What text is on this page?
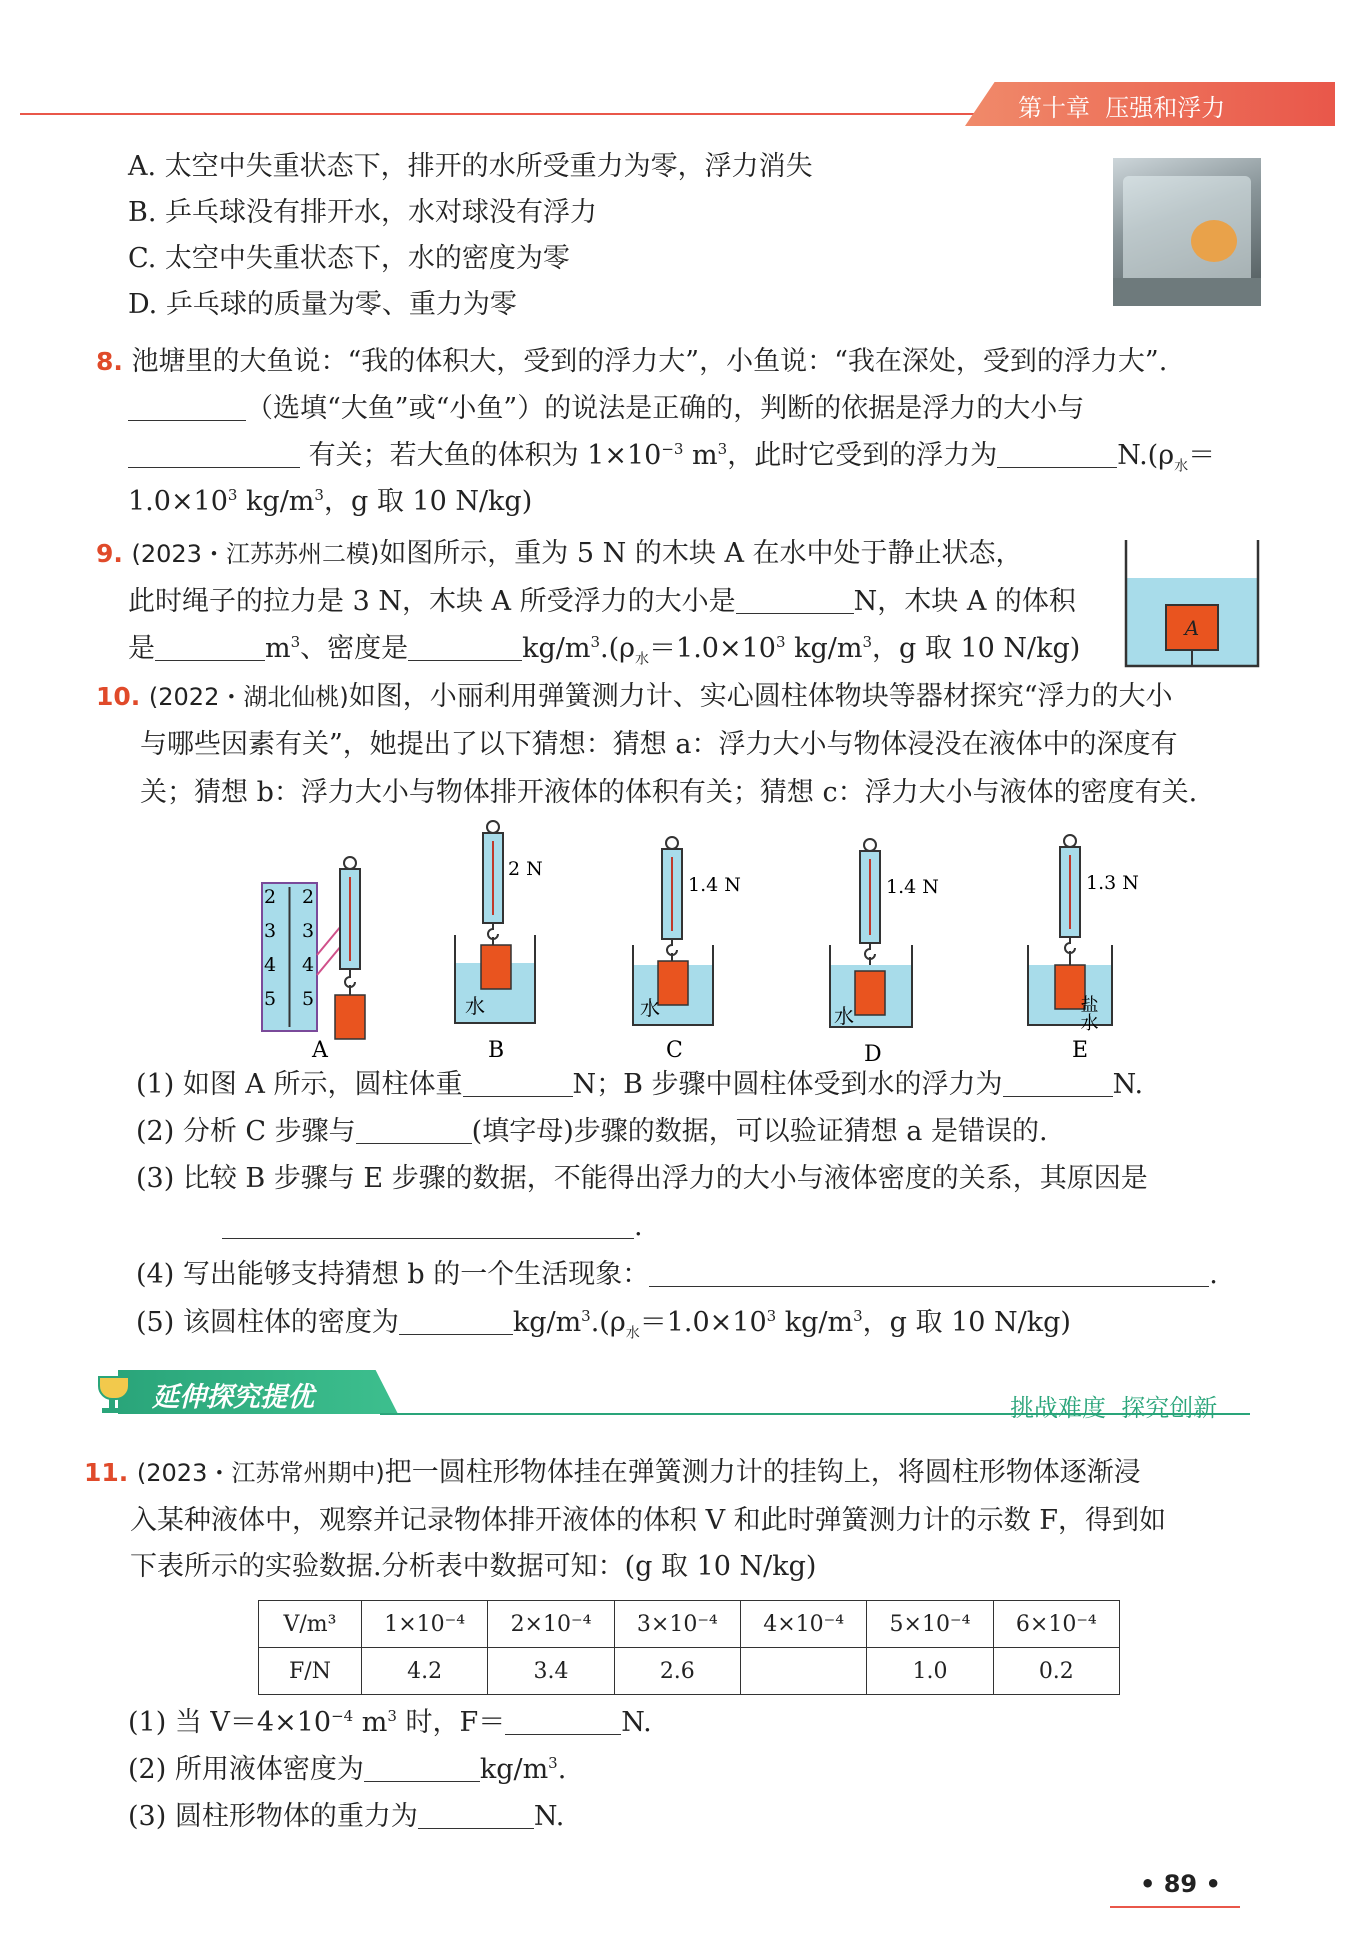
第十章 压强和浮力
A. 太空中失重状态下，排开的水所受重力为零，浮力消失
B. 乒乓球没有排开水，水对球没有浮力
C. 太空中失重状态下，水的密度为零
D. 乒乓球的质量为零、重力为零
8. 池塘里的大鱼说：“我的体积大，受到的浮力大”，小鱼说：“我在深处，受到的浮力大”.
（选填“大鱼”或“小鱼”）的说法是正确的，判断的依据是浮力的大小与
有关；若大鱼的体积为 $1\times 10^{-3}$ $m^3$，此时它受到的浮力为	$N.(\rho_水=$
$1.0\times 10^3$ $kg/m^3$，g 取 10 N/kg)
9. (2023・江苏苏州二模)如图所示，重为 5 N 的木块 A 在水中处于静止状态，
此时绳子的拉力是 3 N，木块 A 所受浮力的大小是	N，木块 A 的体积
是	$m^3$、密度是	$kg/m^3.(\rho_水=1.0\times 10^3$ $kg/m^3$，g 取 10 N/kg)
A
10. (2022・湖北仙桃)如图，小丽利用弹簧测力计、实心圆柱体物块等器材探究“浮力的大小
与哪些因素有关”，她提出了以下猜想：猜想 a：浮力大小与物体浸没在液体中的深度有
关；猜想 b：浮力大小与物体排开液体的体积有关；猜想 c：浮力大小与液体的密度有关.
2
3
4
5
2
3
4
5
A
2 N
水
B
1.4 N
水
C
1.4 N
水
D
1.3 N
盐水
E
(1) 如图 A 所示，圆柱体重	N；B 步骤中圆柱体受到水的浮力为	N.
(2) 分析 C 步骤与	(填字母)步骤的数据，可以验证猜想 a 是错误的.
(3) 比较 B 步骤与 E 步骤的数据，不能得出浮力的大小与液体密度的关系，其原因是
.
(4) 写出能够支持猜想 b 的一个生活现象：	.
(5) 该圆柱体的密度为	$kg/m^3.(\rho_水=1.0\times 10^3$ $kg/m^3$，g 取 10 N/kg)
延伸探究提优	挑战难度  探究创新
11. (2023・江苏常州期中)把一圆柱形物体挂在弹簧测力计的挂钩上，将圆柱形物体逐渐浸
入某种液体中，观察并记录物体排开液体的体积 V 和此时弹簧测力计的示数 F，得到如
下表所示的实验数据.分析表中数据可知：(g 取 10 N/kg)
V/m³	1×10⁻⁴	2×10⁻⁴	3×10⁻⁴	4×10⁻⁴	5×10⁻⁴	6×10⁻⁴
F/N	4.2	3.4	2.6		1.0	0.2
(1) 当 $V=4\times 10^{-4}$ $m^3$ 时，F＝	N.
(2) 所用液体密度为	$kg/m^3$.
(3) 圆柱形物体的重力为	N.
• 89 •
